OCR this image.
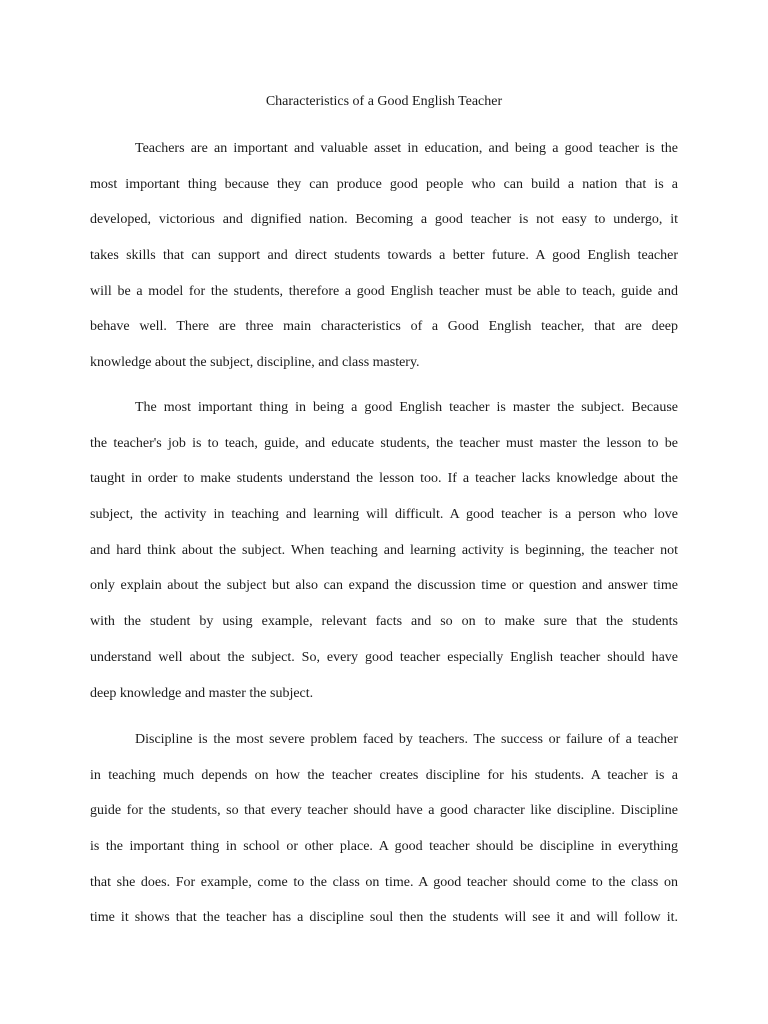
Characteristics of a Good English Teacher
Teachers are an important and valuable asset in education, and being a good teacher is the
most important thing because they can produce good people who can build a nation that is a
developed, victorious and dignified nation. Becoming a good teacher is not easy to undergo, it
takes skills that can support and direct students towards a better future. A good English teacher
will be a model for the students, therefore a good English teacher must be able to teach, guide and
behave well. There are three main characteristics of a Good English teacher, that are deep
knowledge about the subject, discipline, and class mastery.
The most important thing in being a good English teacher is master the subject. Because
the teacher's job is to teach, guide, and educate students, the teacher must master the lesson to be
taught in order to make students understand the lesson too. If a teacher lacks knowledge about the
subject, the activity in teaching and learning will difficult. A good teacher is a person who love
and hard think about the subject. When teaching and learning activity is beginning, the teacher not
only explain about the subject but also can expand the discussion time or question and answer time
with the student by using example, relevant facts and so on to make sure that the students
understand well about the subject. So, every good teacher especially English teacher should have
deep knowledge and master the subject.
Discipline is the most severe problem faced by teachers. The success or failure of a teacher
in teaching much depends on how the teacher creates discipline for his students. A teacher is a
guide for the students, so that every teacher should have a good character like discipline. Discipline
is the important thing in school or other place. A good teacher should be discipline in everything
that she does. For example, come to the class on time. A good teacher should come to the class on
time it shows that the teacher has a discipline soul then the students will see it and will follow it.
